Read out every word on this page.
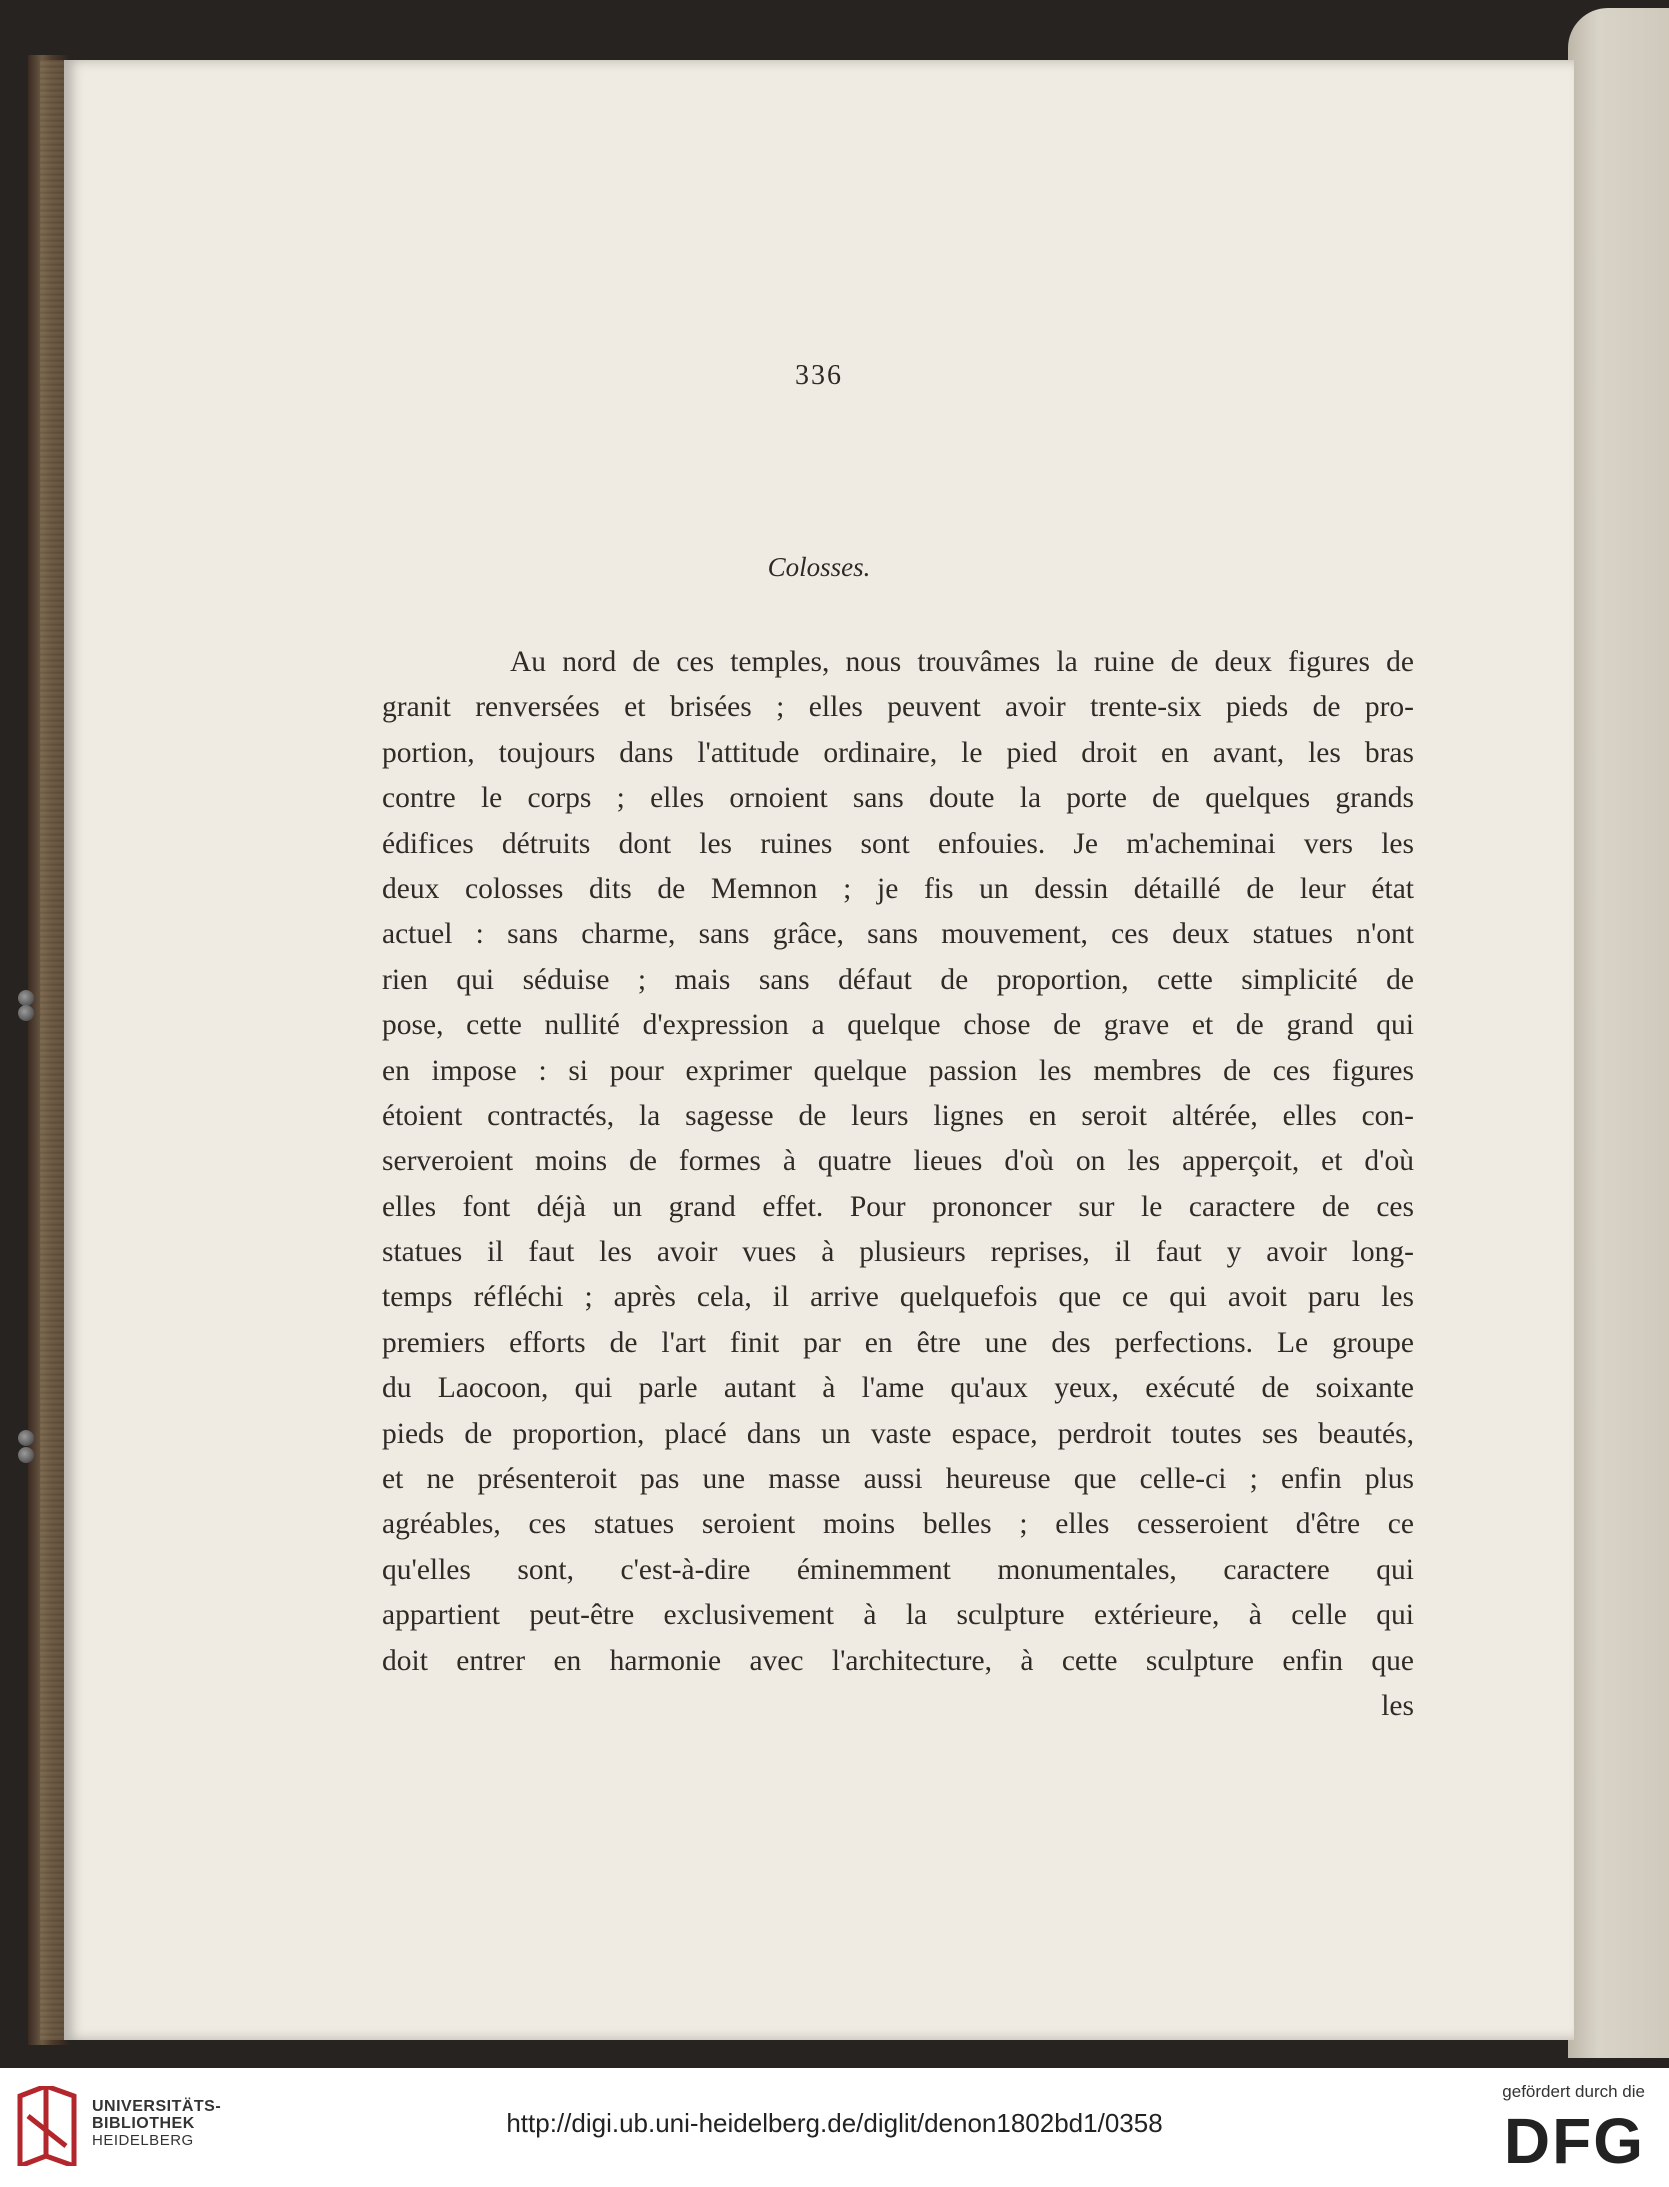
336
Colosses.
Au nord de ces temples, nous trouvâmes la ruine de deux figures de
granit renversées et brisées ; elles peuvent avoir trente-six pieds de pro-
portion, toujours dans l'attitude ordinaire, le pied droit en avant, les bras
contre le corps ; elles ornoient sans doute la porte de quelques grands
édifices détruits dont les ruines sont enfouies. Je m'acheminai vers les
deux colosses dits de Memnon ; je fis un dessin détaillé de leur état
actuel : sans charme, sans grâce, sans mouvement, ces deux statues n'ont
rien qui séduise ; mais sans défaut de proportion, cette simplicité de
pose, cette nullité d'expression a quelque chose de grave et de grand qui
en impose : si pour exprimer quelque passion les membres de ces figures
étoient contractés, la sagesse de leurs lignes en seroit altérée, elles con-
serveroient moins de formes à quatre lieues d'où on les apperçoit, et d'où
elles font déjà un grand effet. Pour prononcer sur le caractere de ces
statues il faut les avoir vues à plusieurs reprises, il faut y avoir long-
temps réfléchi ; après cela, il arrive quelquefois que ce qui avoit paru les
premiers efforts de l'art finit par en être une des perfections. Le groupe
du Laocoon, qui parle autant à l'ame qu'aux yeux, exécuté de soixante
pieds de proportion, placé dans un vaste espace, perdroit toutes ses beautés,
et ne présenteroit pas une masse aussi heureuse que celle-ci ; enfin plus
agréables, ces statues seroient moins belles ; elles cesseroient d'être ce
qu'elles sont, c'est-à-dire éminemment monumentales, caractere qui
appartient peut-être exclusivement à la sculpture extérieure, à celle qui
doit entrer en harmonie avec l'architecture, à cette sculpture enfin que
les
UNIVERSITÄTS-
BIBLIOTHEK
HEIDELBERG
http://digi.ub.uni-heidelberg.de/diglit/denon1802bd1/0358
gefördert durch die
DFG
